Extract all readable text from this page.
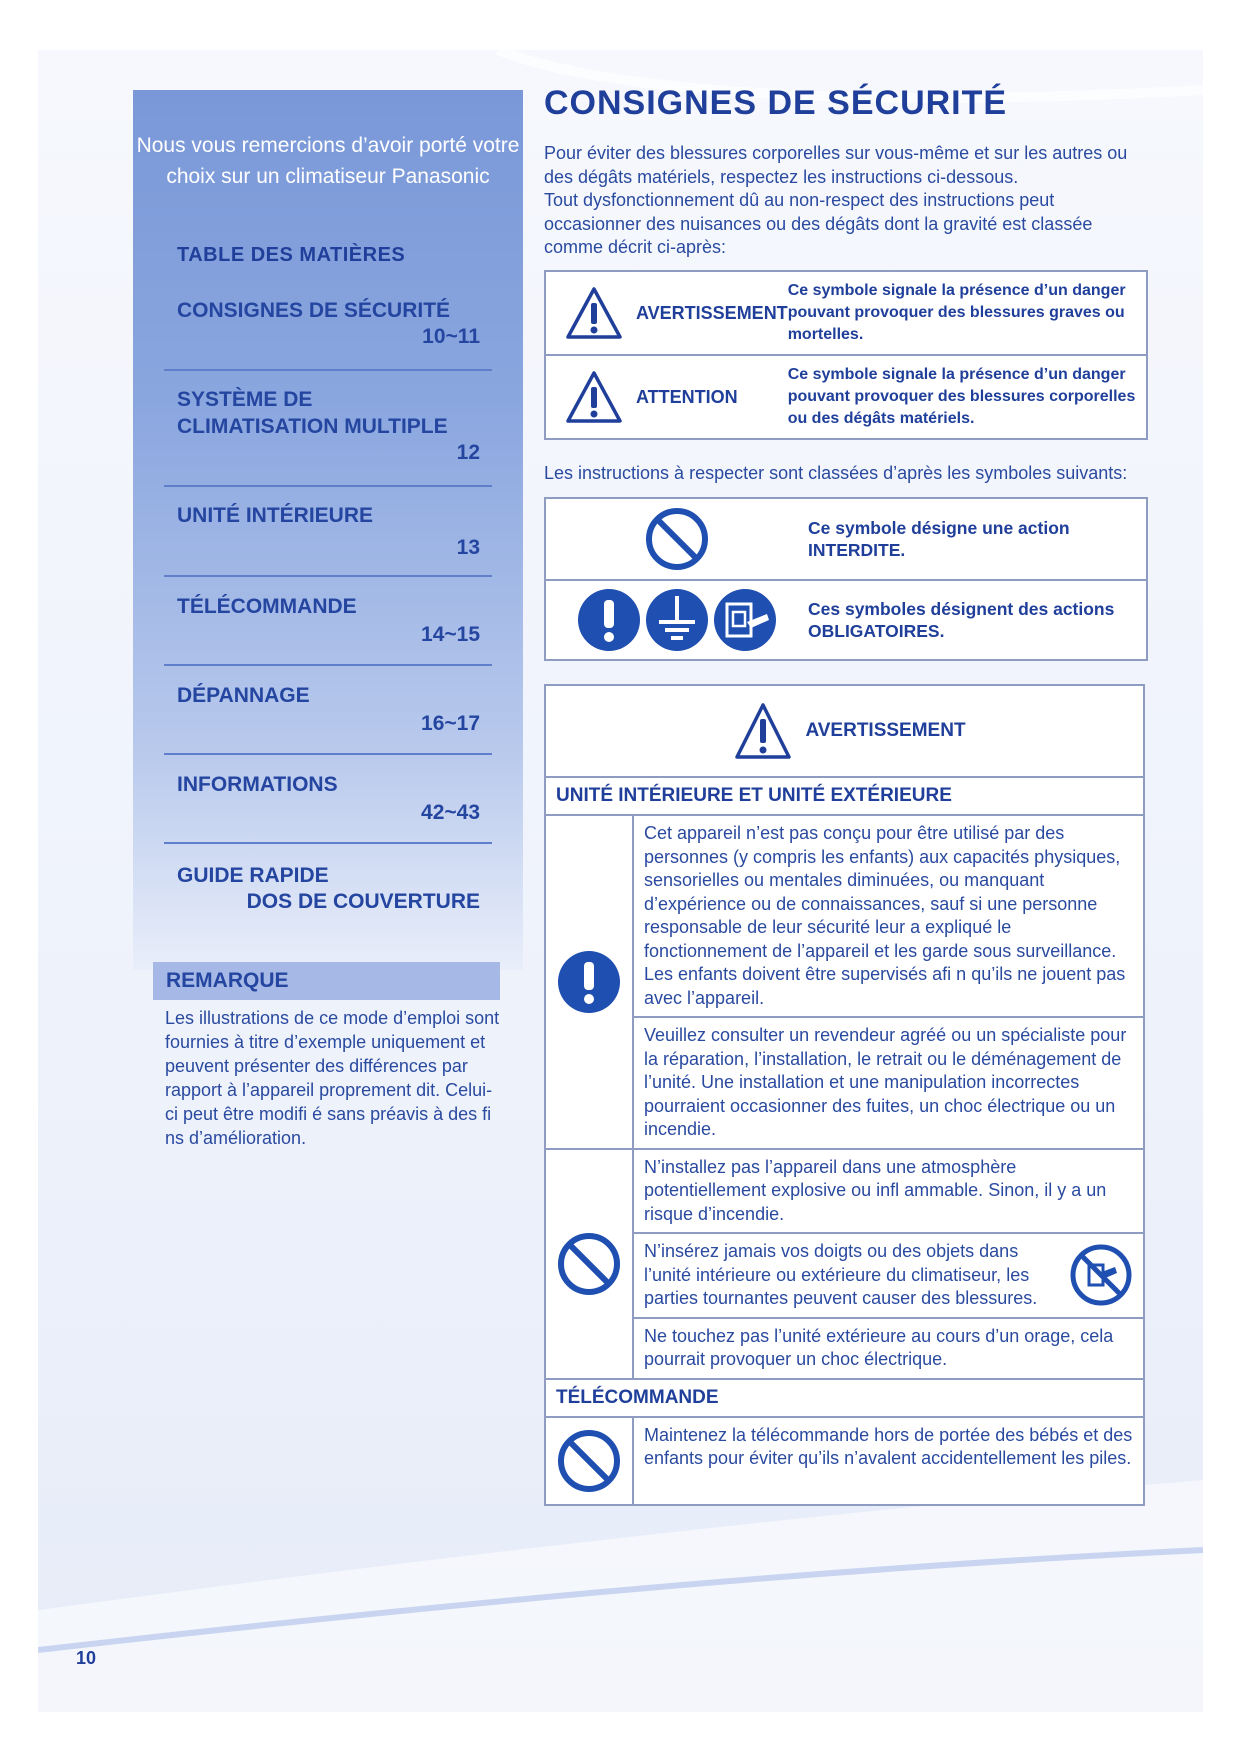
Nous vous remercions d’avoir porté votre choix sur un climatiseur Panasonic
TABLE DES MATIÈRES
CONSIGNES DE SÉCURITÉ
10~11
SYSTÈME DE
CLIMATISATION MULTIPLE
12
UNITÉ INTÉRIEURE
13
TÉLÉCOMMANDE
14~15
DÉPANNAGE
16~17
INFORMATIONS
42~43
GUIDE RAPIDE
DOS DE COUVERTURE
REMARQUE
Les illustrations de ce mode d’emploi sont fournies à titre d’exemple uniquement et peuvent présenter des différences par rapport à l’appareil proprement dit. Celui-ci peut être modifi é sans préavis à des fi ns d’amélioration.
CONSIGNES DE SÉCURITÉ

Pour éviter des blessures corporelles sur vous-même et sur les autres ou des dégâts matériels, respectez les instructions ci-dessous.

Tout dysfonctionnement dû au non-respect des instructions peut occasionner des nuisances ou des dégâts dont la gravité est classée comme décrit ci-après:

AVERTISSEMENT	Ce symbole signale la présence d’un danger pouvant provoquer des blessures graves ou mortelles.

ATTENTION	Ce symbole signale la présence d’un danger pouvant provoquer des blessures corporelles ou des dégâts matériels.
Les instructions à respecter sont classées d’après les symboles suivants:

Ce symbole désigne une action INTERDITE.

Ces symboles désignent des actions OBLIGATOIRES.
AVERTISSEMENT	

UNITÉ INTÉRIEURE ET UNITÉ EXTÉRIEURE	

	Cet appareil n’est pas conçu pour être utilisé par des personnes (y compris les enfants) aux capacités physiques, sensorielles ou mentales diminuées, ou manquant d’expérience ou de connaissances, sauf si une personne responsable de leur sécurité leur a expliqué le fonctionnement de l’appareil et les garde sous surveillance. Les enfants doivent être supervisés afi n qu’ils ne jouent pas avec l’appareil.
	Veuillez consulter un revendeur agréé ou un spécialiste pour la réparation, l’installation, le retrait ou le déménagement de l’unité. Une installation et une manipulation incorrectes pourraient occasionner des fuites, un choc électrique ou un incendie.

	N’installez pas l’appareil dans une atmosphère potentiellement explosive ou infl ammable. Sinon, il y a un risque d’incendie.

	N’insérez jamais vos doigts ou des objets dans l’unité intérieure ou extérieure du climatiseur, les parties tournantes peuvent causer des blessures.

	Ne touchez pas l’unité extérieure au cours d’un orage, cela pourrait provoquer un choc électrique.
TÉLÉCOMMANDE	

	Maintenez la télécommande hors de portée des bébés et des enfants pour éviter qu’ils n’avalent accidentellement les piles.
10
